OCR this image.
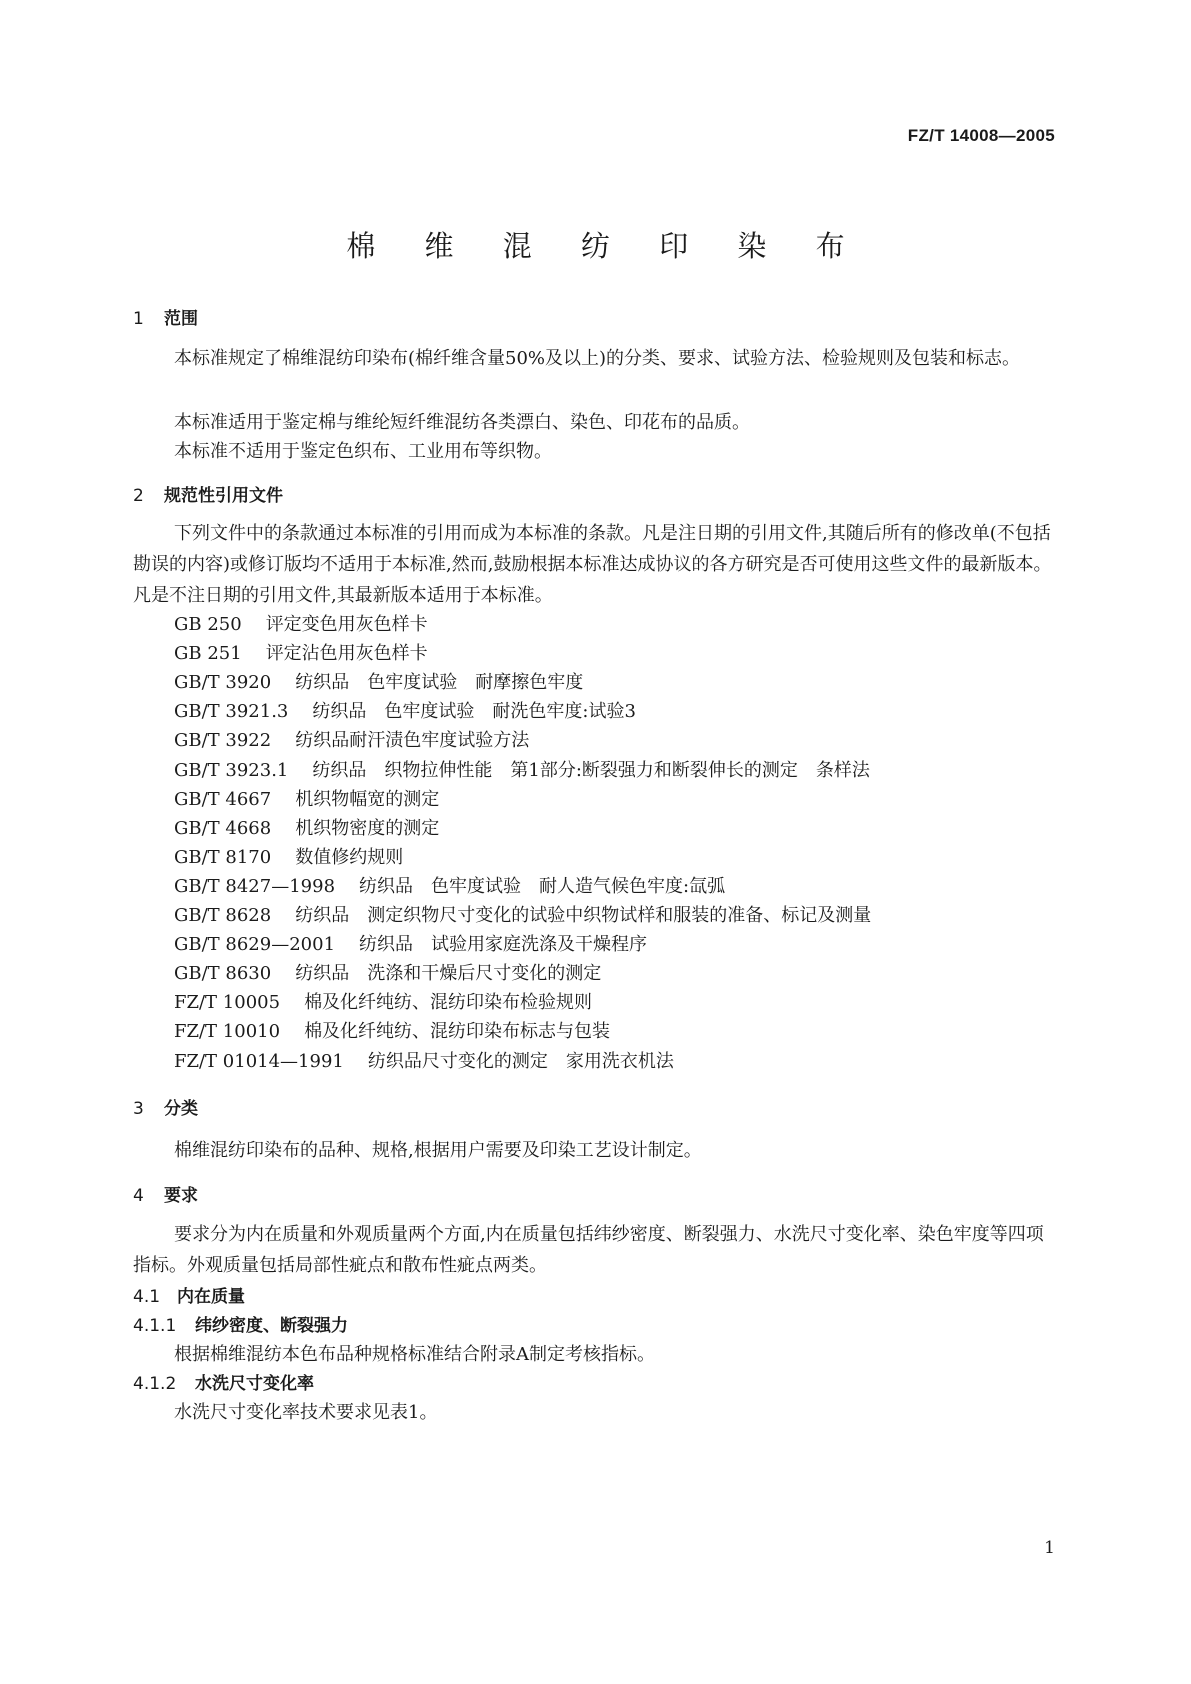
FZ/T 14008—2005
棉 维 混 纺 印 染 布
1 范围
本标准规定了棉维混纺印染布(棉纤维含量50%及以上)的分类、要求、试验方法、检验规则及包装和标志。
本标准适用于鉴定棉与维纶短纤维混纺各类漂白、染色、印花布的品质。
本标准不适用于鉴定色织布、工业用布等织物。
2 规范性引用文件
下列文件中的条款通过本标准的引用而成为本标准的条款。凡是注日期的引用文件,其随后所有的修改单(不包括勘误的内容)或修订版均不适用于本标准,然而,鼓励根据本标准达成协议的各方研究是否可使用这些文件的最新版本。凡是不注日期的引用文件,其最新版本适用于本标准。
GB 250 评定变色用灰色样卡
GB 251 评定沾色用灰色样卡
GB/T 3920 纺织品　色牢度试验　耐摩擦色牢度
GB/T 3921.3 纺织品　色牢度试验　耐洗色牢度:试验3
GB/T 3922 纺织品耐汗渍色牢度试验方法
GB/T 3923.1 纺织品　织物拉伸性能　第1部分:断裂强力和断裂伸长的测定　条样法
GB/T 4667 机织物幅宽的测定
GB/T 4668 机织物密度的测定
GB/T 8170 数值修约规则
GB/T 8427—1998 纺织品　色牢度试验　耐人造气候色牢度:氙弧
GB/T 8628 纺织品　测定织物尺寸变化的试验中织物试样和服装的准备、标记及测量
GB/T 8629—2001 纺织品　试验用家庭洗涤及干燥程序
GB/T 8630 纺织品　洗涤和干燥后尺寸变化的测定
FZ/T 10005 棉及化纤纯纺、混纺印染布检验规则
FZ/T 10010 棉及化纤纯纺、混纺印染布标志与包装
FZ/T 01014—1991 纺织品尺寸变化的测定　家用洗衣机法
3 分类
棉维混纺印染布的品种、规格,根据用户需要及印染工艺设计制定。
4 要求
要求分为内在质量和外观质量两个方面,内在质量包括纬纱密度、断裂强力、水洗尺寸变化率、染色牢度等四项指标。外观质量包括局部性疵点和散布性疵点两类。
4.1 内在质量
4.1.1 纬纱密度、断裂强力
根据棉维混纺本色布品种规格标准结合附录A制定考核指标。
4.1.2 水洗尺寸变化率
水洗尺寸变化率技术要求见表1。
1
